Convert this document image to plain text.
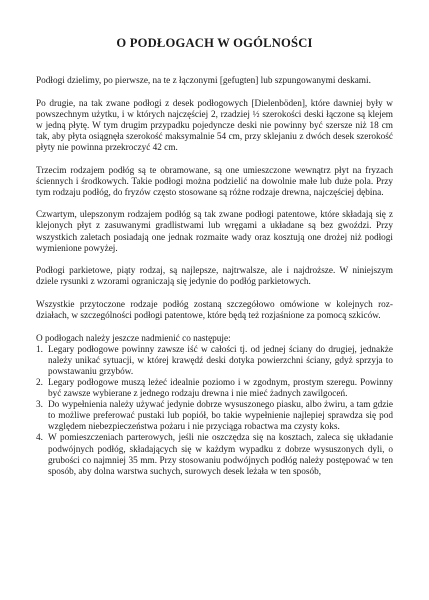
O PODŁOGACH W OGÓLNOŚCI

Podłogi dzielimy, po pierwsze, na te z łączonymi [gefugten] lub szpungowanymi deskami.

Po drugie, na tak zwane podłogi z desek podłogowych [Dielenböden], które dawniej były w powszechnym użytku, i w których najczęściej 2, rzadziej ½ szerokości deski łączone są klejem w jedną płytę. W tym drugim przypadku pojedyncze deski nie powinny być szersze niż 18 cm tak, aby płyta osiągnęła szerokość maksymalnie 54 cm, przy sklejaniu z dwóch desek szerokość płyty nie powinna przekroczyć 42 cm.

Trzecim rodzajem podłóg są te obramowane, są one umieszczone wewnątrz płyt na fryzach ściennych i środkowych. Takie podłogi można podzielić na dowolnie małe lub duże pola. Przy tym rodzaju podłóg, do fryzów często stosowane są różne rodzaje drewna, najczęściej dębina.

Czwartym, ulepszonym rodzajem podłóg są tak zwane podłogi patentowe, które składają się z klejonych płyt z zasuwanymi gradlistwami lub wręgami a układane są bez gwoździ. Przy wszystkich zaletach posiadają one jednak rozmaite wady oraz kosztują one drożej niż podłogi wymienione powyżej.

Podłogi parkietowe, piąty rodzaj, są najlepsze, najtrwalsze, ale i najdroższe. W niniejszym dziele rysunki z wzorami ograniczają się jedynie do podłóg parkietowych.

Wszystkie przytoczone rodzaje podłóg zostaną szczegółowo omówione w kolejnych rozdziałach, w szczególności podłogi patentowe, które będą też rozjaśnione za pomocą szkiców.

O podłogach należy jeszcze nadmienić co następuje:

1. Legary podłogowe powinny zawsze iść w całości tj. od jednej ściany do drugiej, jednakże należy unikać sytuacji, w której krawędź deski dotyka powierzchni ściany, gdyż sprzyja to powstawaniu grzybów.
2. Legary podłogowe muszą leżeć idealnie poziomo i w zgodnym, prostym szeregu. Powinny być zawsze wybierane z jednego rodzaju drewna i nie mieć żadnych zawilgoceń.
3. Do wypełnienia należy używać jedynie dobrze wysuszonego piasku, albo żwiru, a tam gdzie to możliwe preferować pustaki lub popiół, bo takie wypełnienie najlepiej sprawdza się pod względem niebezpieczeństwa pożaru i nie przyciąga robactwa ma czysty koks.
4. W pomieszczeniach parterowych, jeśli nie oszczędza się na kosztach, zaleca się układanie podwójnych podłóg, składających się w każdym wypadku z dobrze wysuszonych dyli, o grubości co najmniej 35 mm. Przy stosowaniu podwójnych podłóg należy postępować w ten sposób, aby dolna warstwa suchych, surowych desek leżała w ten sposób,
